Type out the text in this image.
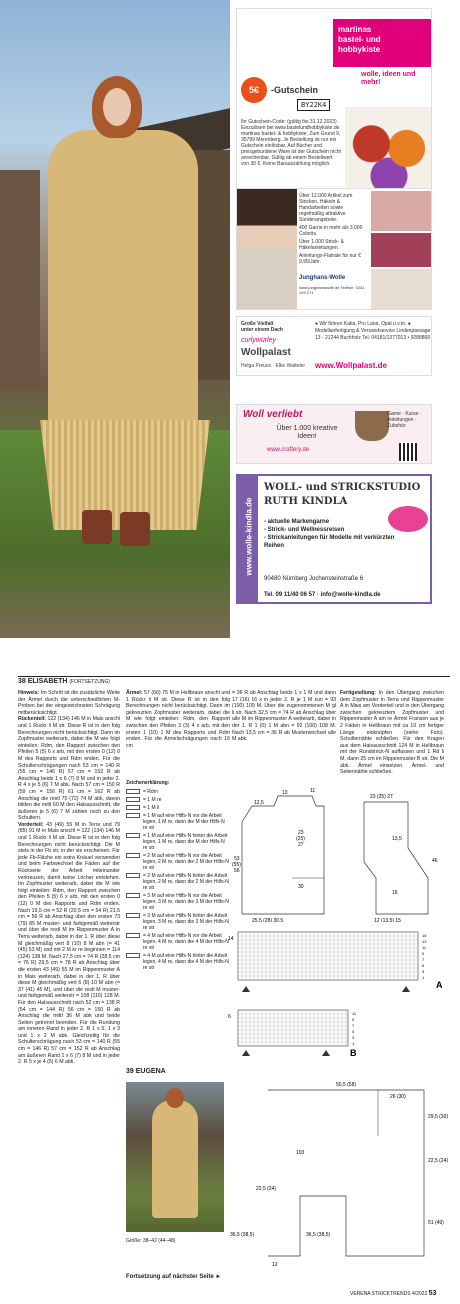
martinas
bastel- und
hobbykiste
5€	-Gutschein
wolle, ideen und mehr!
BY22K4
Ihr Gutschein-Code: (gültig bis 31.12.2023) Einzulösen bei www.bastelundhobbykiste.de martinas bastel- & hobbykiste, Zum Grund 9, 35799 Merenberg. Je Bestellung ist nur ein Gutschein einlösbar. Auf Bücher und preisgebundene Ware ist der Gutschein nicht anrechenbar. Gültig ab einem Bestellwert von 30 €. Keine Barauszahlung möglich.
Über 12.000 Artikel zum Stricken, Häkeln & Handarbeiten sowie regelmäßig attraktive Sonderangebote.
400 Garne in mehr als 3.000 Colorits.
Über 1.000 Strick- & Häkelanleitungen.
Anleitungs-Flatrate für nur € 9,95/Jahr.
Junghans-Wolle
www.junghanswolle.de Telefon: 0241 109 271
Große Vielfalt unter einem Dach
curlywürley
Wollpalast
Helga Preuss · Elke Watteler
● Wir führen Katia, Pro Lana, Opal u.v.m. ● Modellanfertigung & Versandservice Lindenpassage 13 · 21244 Buchholz Tel. 04181/1377013 • 9288868
www.Wollpalast.de
Woll verliebt
Über 1.000 kreative Ideen!
www.craftery.de
Garne · Kurse · Anleitungen · Zubehör
www.wolle-kindla.de
WOLL- und STRICKSTUDIO
RUTH KINDLA
- aktuelle Markengarne
- Strick- und Wellnessreisen
- Strickanleitungen für Modelle mit verkürzten Reihen
90480 Nürnberg Jochensteinstraße 6
Tel. 09 11/40 06 57 · info@wolle-kindla.de
38 ELISABETH (FORTSETZUNG)
Hinweis: Im Schritt ist die zusätzliche Weite der Ärmel durch die unterschiedlichen M-Proben bei der eingezeichneten Schrägung mitberücksichtigt.
Rückenteil: 122 (134) 146 M in Mais anschl und 1 Rückr li M str. Diese R ist in den folg Berechnungen nicht berücksichtigt. Dann im Zopfmuster weiterarb, dabei die M wie folgt einteilen: Rdm, den Rapport zwischen den Pfeilen 5 (5) 6 x arb, mit den ersten 0 (12) 0 M des Rapports und Rdm enden. Für die Schulterschrägungen nach 53 cm = 140 R (55 cm = 146 R) 57 cm = 152 R ab Anschlag beids 1 x 6 (7) 8 M und in jeder 2. R 4 x je 5 (6) 7 M abk. Nach 57 cm = 150 R (59 cm = 156 R) 61 cm = 162 R ab Anschlag die restl 70 (72) 74 M abk, davon bilden die mittl 60 M den Halsausschnitt, die äußeren je 5 (6) 7 M zählen noch zu den Schultern.
Vorderteil: 43 (49) 55 M in Terra und 79 (85) 91 M in Mais anschl = 122 (134) 146 M und 1 Rückr li M str. Diese R ist in den folg Berechnungen nicht berücksichtigt. Die M stets in der Fb str, in der sie erscheinen. Für jede Fb-Fläche ein extra Knäuel verwenden und beim Farbwechsel die Fäden auf der Rückseite der Arbeit miteinander verkreuzen, damit keine Löcher entstehen. Im Zopfmuster weiterarb, dabei die M wie folgt einteilen: Rdm, den Rapport zwischen den Pfeilen 5 (5) 6 x arb, mit den ersten 0 (12) 0 M des Rapports und Rdm enden. Nach 19,5 cm = 52 R (20,5 cm = 54 R) 21,5 cm = 56 R ab Anschlag über den ersten 73 (79) 85 M muster- und farbgemäß weiterstr und über die restl M im Rippenmuster A in Terra weiterarb, dabei in der 1. R über diese M gleichmäßig vert 8 (10) 8 M abn (= 41 (45) 53 M) und mit 2 M kr re beginnen = 114 (124) 138 M. Nach 27,5 cm = 74 R (28,5 cm = 76 R) 29,5 cm = 78 R ab Anschlag über die ersten 43 (49) 55 M im Rippenmuster A in Mais weiterarb, dabei in der 1. R über diese M gleichmäßig vert 6 (8) 10 M abn (= 37 (41) 45 M), und über die restl M muster- und farbgemäß weiterstr = 108 (116) 128 M. Für den Halsausschnitt nach 52 cm = 138 R (54 cm = 144 R) 56 cm = 150 R ab Anschlag die mittl 36 M abk und beide Seiten getrennt beenden. Für die Rundung am inneren Rand in jeder 2. R 1 x 5, 1 x 3 und 1 x 2 M abk. Gleichzeitig für die Schulterschrägung nach 53 cm = 140 R (55 cm = 146 R) 57 cm = 152 R ab Anschlag am äußeren Rand 1 x 6 (7) 8 M und in jeder 2. R 5 x je 4 (5) 6 M abk.
Ärmel: 57 (66) 75 M in Hellbraun anschl und 1 Rückr li M str. Diese R ist in den folg Berechnungen nicht berücksichtigt. Dann im gekreuzten Zopfmuster weiterarb, dabei die M wie folgt einteilen: Rdm, den Rapport zwischen den Pfeilen 3 (3) 4 x arb, mit den ersten 1 (10) 1 M des Rapports und Rdm enden. Für die Armelschrägungen nach 16 cm
= 36 R ab Anschlag beids 1 x 1 M und dann 17 (16) 16 x in jeder 2. R je 1 M zun = 93 (100) 109 M. Über die zugenommenen M gl li str. Nach 32,5 cm = 74 R ab Anschlag über alle M im Rippenmuster A weiterarb, dabei in der 1. R 1 (0) 1 M abn = 92 (100) 108 M. Nach 13,5 cm = 36 R ab Musterwechsel alle M abk.
Fertigstellung: In den Übergang zwischen dem Zopfmuster in Terra und Rippenmuster A in Mais am Vorderteil und in den Übergang zwischen gekreuztem Zopfmuster und Rippenmuster A am re Ärmel Fransen aus je 2 Fäden in Hellbraun mit ca 10 cm fertiger Länge einknüpfen (siehe Foto). Schulternähte schließen. Für den Kragen aus dem Halsausschnitt 124 M in Hellbraun mit der Rundstrick-N auffassen und 1 Rd li M, dann 25 cm im Rippenmuster B str. Die M abk. Ärmel einsetzen. Ärmel- und Seitennähte schließen.
Zeichenerklärung:
= Rdm
= 1 M re
= 1 M li
= 1 M auf eine Hilfs-N vor die Arbeit legen, 1 M re, dann die M der Hilfs-N re str
= 1 M auf eine Hilfs-N hinter die Arbeit legen, 1 M re, dann die M der Hilfs-N re str
= 2 M auf eine Hilfs-N vor die Arbeit legen, 2 M re, dann die 2 M der Hilfs-N re str
= 2 M auf eine Hilfs-N hinter die Arbeit legen, 2 M re, dann die 2 M der Hilfs-N re str
= 3 M auf eine Hilfs-N vor die Arbeit legen, 3 M re, dann die 3 M der Hilfs-N re str
= 3 M auf eine Hilfs-N hinter die Arbeit legen, 3 M re, dann die 3 M der Hilfs-N re str
= 4 M auf eine Hilfs-N vor die Arbeit legen, 4 M re, dann die 4 M der Hilfs-N re str
= 4 M auf eine Hilfs-N hinter die Arbeit legen, 4 M re, dann die 4 M der Hilfs-N re str
12,5
13	11
23
(25)
27
53
(55)
56
30
25,5 (28) 30,5
23 (25) 27
13,5
46
16
12 (13,5) 15
14
A
15
13
11
9
7
5
3
1
6
B
11
9
7
5
3
1
39 EUGENA
Größe: 38–42 (44–48)
Fortsetzung auf nächster Seite ►
50,5 (58)
26 (30)
29,5 (30)
22,5 (24)
51 (49)
103
22,5 (24)
36,5 (38,5)	36,5 (38,5)
12
VERENA STRICKTRENDS 4/2022 53
